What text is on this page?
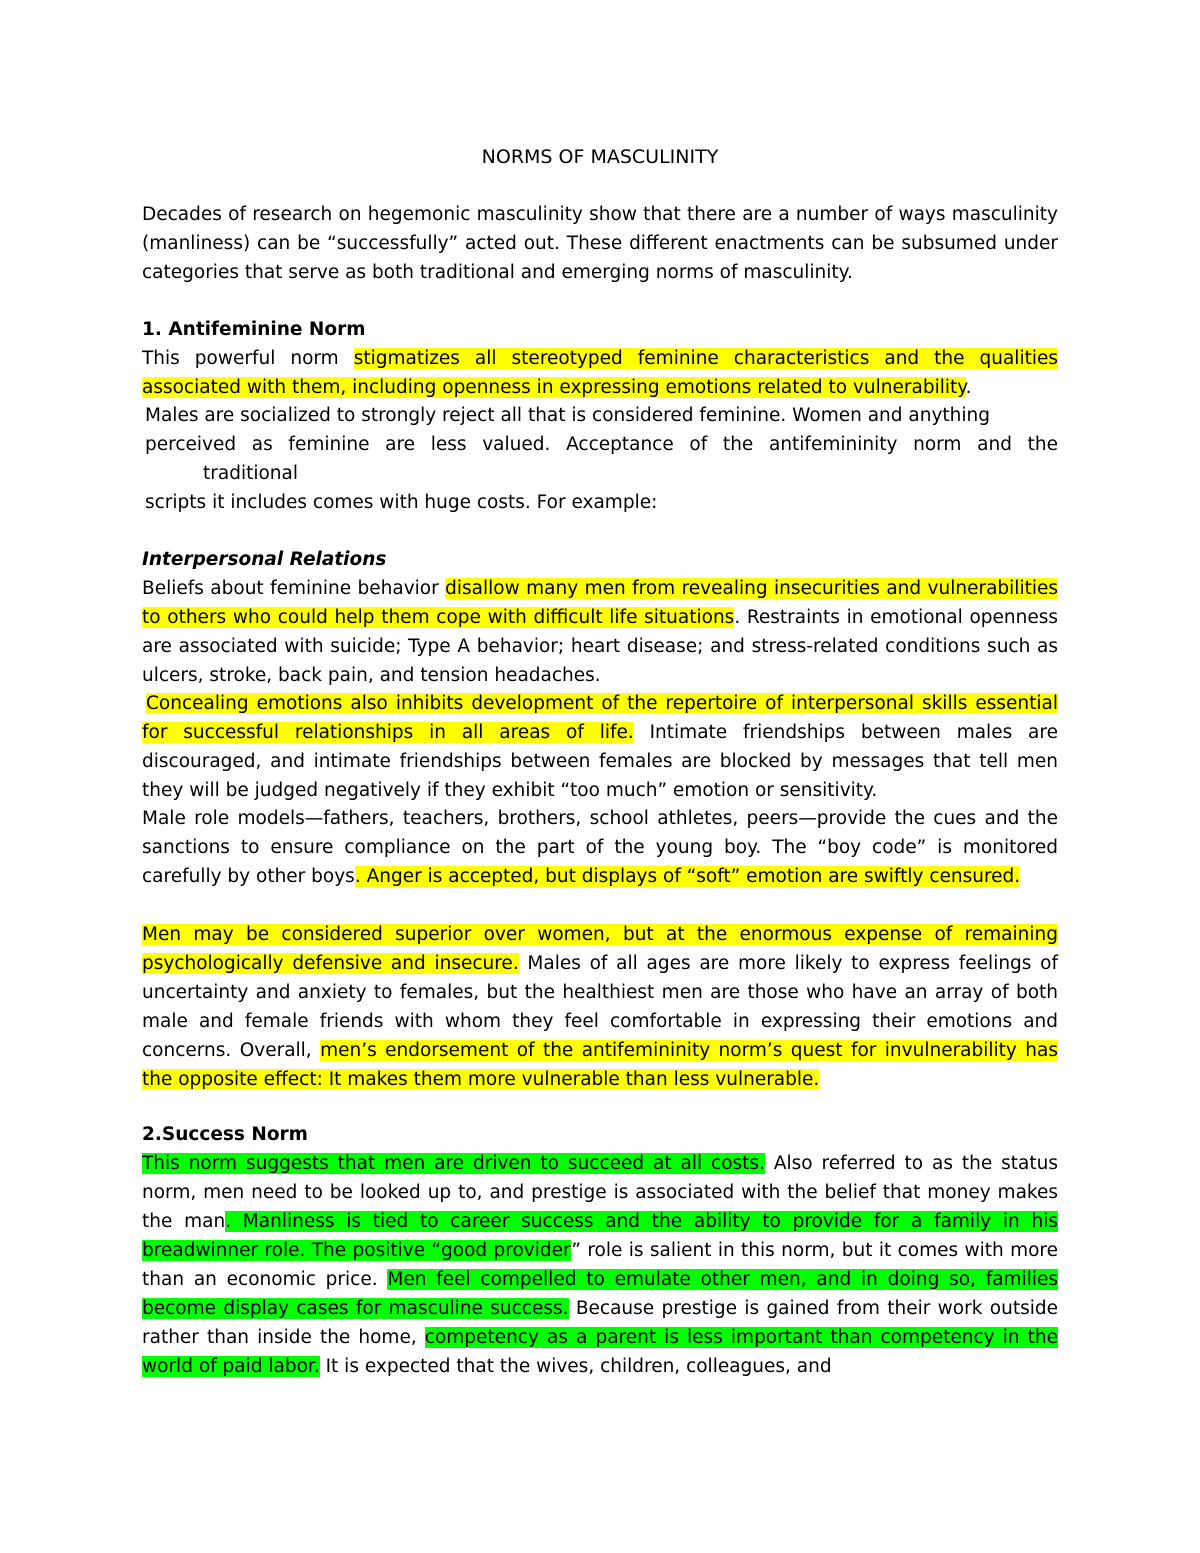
NORMS OF MASCULINITY

Decades of research on hegemonic masculinity show that there are a number of ways masculinity (manliness) can be “successfully” acted out. These different enactments can be subsumed under categories that serve as both traditional and emerging norms of masculinity.

1. Antifeminine Norm

This powerful norm stigmatizes all stereotyped feminine characteristics and the qualities associated with them, including openness in expressing emotions related to vulnerability.

Males are socialized to strongly reject all that is considered feminine. Women and anything
perceived as feminine are less valued. Acceptance of the antifemininity norm and the
traditional
scripts it includes comes with huge costs. For example:
Interpersonal Relations

Beliefs about feminine behavior disallow many men from revealing insecurities and vulnerabilities to others who could help them cope with difficult life situations. Restraints in emotional openness are associated with suicide; Type A behavior; heart disease; and stress-related conditions such as ulcers, stroke, back pain, and tension headaches.

Concealing emotions also inhibits development of the repertoire of interpersonal skills essential for successful relationships in all areas of life. Intimate friendships between males are discouraged, and intimate friendships between females are blocked by messages that tell men they will be judged negatively if they exhibit “too much” emotion or sensitivity.

Male role models—fathers, teachers, brothers, school athletes, peers—provide the cues and the sanctions to ensure compliance on the part of the young boy. The “boy code” is monitored carefully by other boys. Anger is accepted, but displays of “soft” emotion are swiftly censured.

Men may be considered superior over women, but at the enormous expense of remaining psychologically defensive and insecure. Males of all ages are more likely to express feelings of uncertainty and anxiety to females, but the healthiest men are those who have an array of both male and female friends with whom they feel comfortable in expressing their emotions and concerns. Overall, men’s endorsement of the antifemininity norm’s quest for invulnerability has the opposite effect: It makes them more vulnerable than less vulnerable.

2.Success Norm

This norm suggests that men are driven to succeed at all costs. Also referred to as the status norm, men need to be looked up to, and prestige is associated with the belief that money makes the man. Manliness is tied to career success and the ability to provide for a family in his breadwinner role. The positive “good provider” role is salient in this norm, but it comes with more than an economic price. Men feel compelled to emulate other men, and in doing so, families become display cases for masculine success. Because prestige is gained from their work outside rather than inside the home, competency as a parent is less important than competency in the world of paid labor. It is expected that the wives, children, colleagues, and
